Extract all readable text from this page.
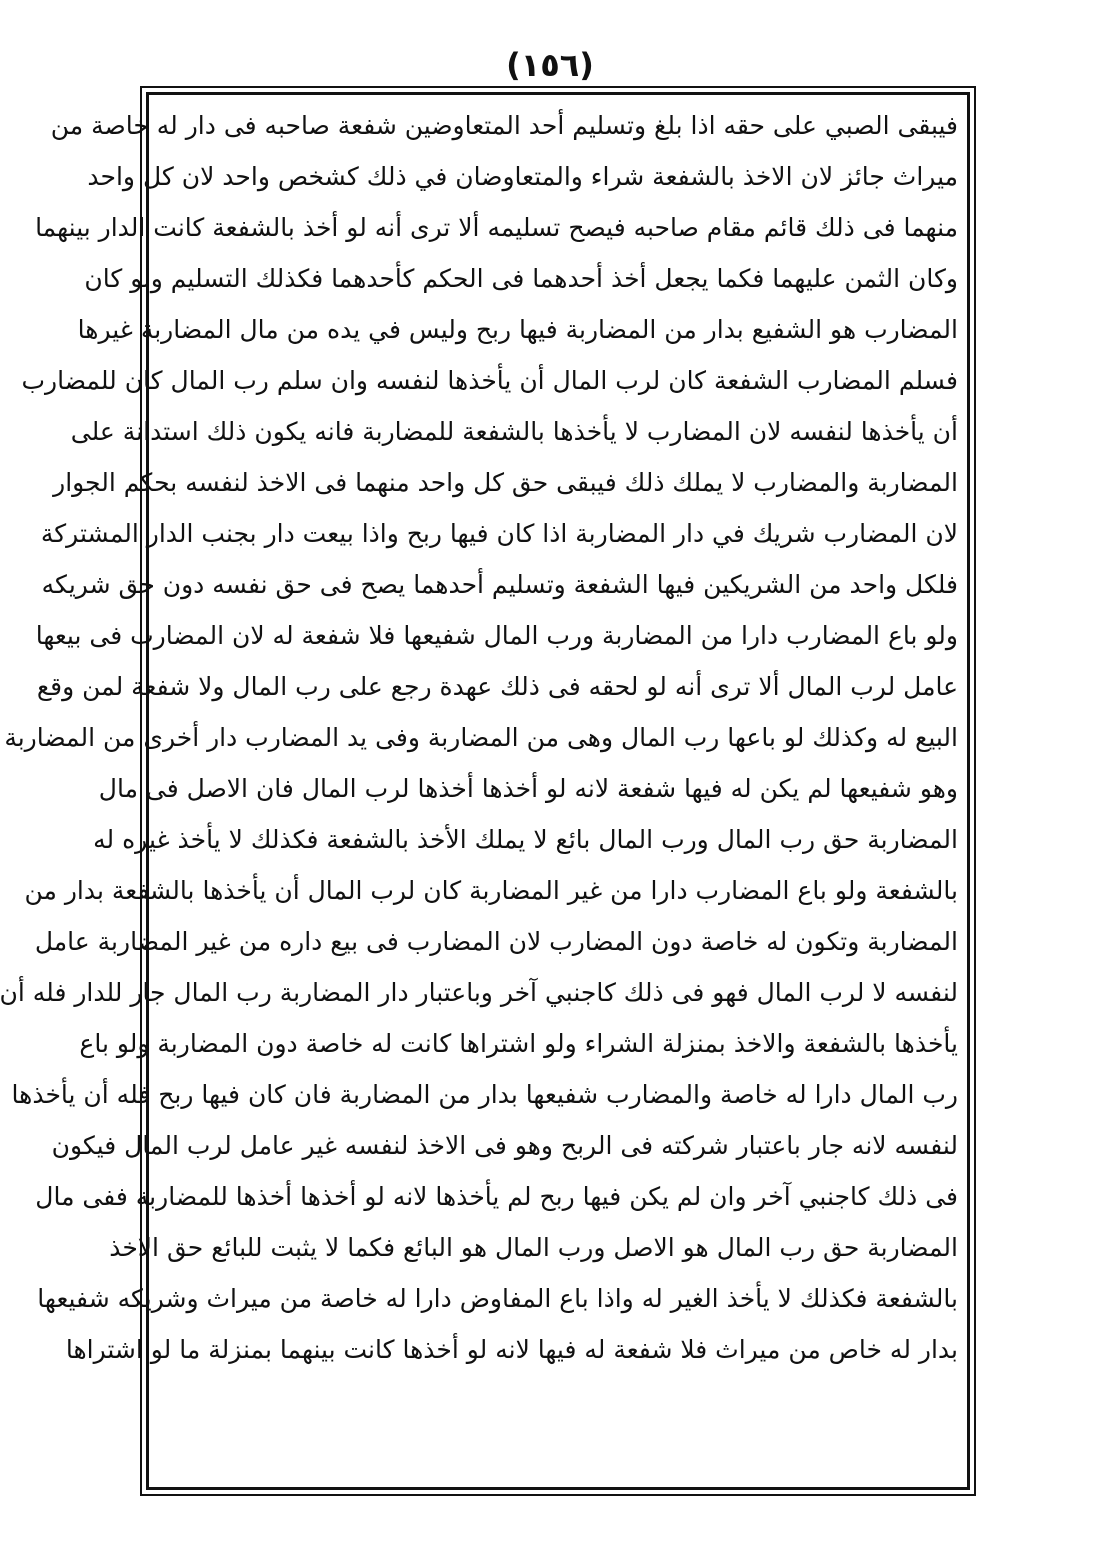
(١٥٦)
فيبقى الصبي على حقه اذا بلغ وتسليم أحد المتعاوضين شفعة صاحبه فى دار له خاصة من
ميراث جائز لان الاخذ بالشفعة شراء والمتعاوضان في ذلك كشخص واحد لان كل واحد
منهما فى ذلك قائم مقام صاحبه فيصح تسليمه ألا ترى أنه لو أخذ بالشفعة كانت الدار بينهما
وكان الثمن عليهما فكما يجعل أخذ أحدهما فى الحكم كأحدهما فكذلك التسليم ولو كان
المضارب هو الشفيع بدار من المضاربة فيها ربح وليس في يده من مال المضاربة غيرها
فسلم المضارب الشفعة كان لرب المال أن يأخذها لنفسه وان سلم رب المال كان للمضارب
أن يأخذها لنفسه لان المضارب لا يأخذها بالشفعة للمضاربة فانه يكون ذلك استدانة على
المضاربة والمضارب لا يملك ذلك فيبقى حق كل واحد منهما فى الاخذ لنفسه بحكم الجوار
لان المضارب شريك في دار المضاربة اذا كان فيها ربح واذا بيعت دار بجنب الدار المشتركة
فلكل واحد من الشريكين فيها الشفعة وتسليم أحدهما يصح فى حق نفسه دون حق شريكه
ولو باع المضارب دارا من المضاربة ورب المال شفيعها فلا شفعة له لان المضارب فى بيعها
عامل لرب المال ألا ترى أنه لو لحقه فى ذلك عهدة رجع على رب المال ولا شفعة لمن وقع
البيع له وكذلك لو باعها رب المال وهى من المضاربة وفى يد المضارب دار أخرى من المضاربة
وهو شفيعها لم يكن له فيها شفعة لانه لو أخذها أخذها لرب المال فان الاصل فى مال
المضاربة حق رب المال ورب المال بائع لا يملك الأخذ بالشفعة فكذلك لا يأخذ غيره له
بالشفعة ولو باع المضارب دارا من غير المضاربة كان لرب المال أن يأخذها بالشفعة بدار من
المضاربة وتكون له خاصة دون المضارب لان المضارب فى بيع داره من غير المضاربة عامل
لنفسه لا لرب المال فهو فى ذلك كاجنبي آخر وباعتبار دار المضاربة رب المال جار للدار فله أن
يأخذها بالشفعة والاخذ بمنزلة الشراء ولو اشتراها كانت له خاصة دون المضاربة ولو باع
رب المال دارا له خاصة والمضارب شفيعها بدار من المضاربة فان كان فيها ربح فله أن يأخذها
لنفسه لانه جار باعتبار شركته فى الربح وهو فى الاخذ لنفسه غير عامل لرب المال فيكون
فى ذلك كاجنبي آخر وان لم يكن فيها ربح لم يأخذها لانه لو أخذها أخذها للمضاربة ففى مال
المضاربة حق رب المال هو الاصل ورب المال هو البائع فكما لا يثبت للبائع حق الاخذ
بالشفعة فكذلك لا يأخذ الغير له واذا باع المفاوض دارا له خاصة من ميراث وشريكه شفيعها
بدار له خاص من ميراث فلا شفعة له فيها لانه لو أخذها كانت بينهما بمنزلة ما لو اشتراها
